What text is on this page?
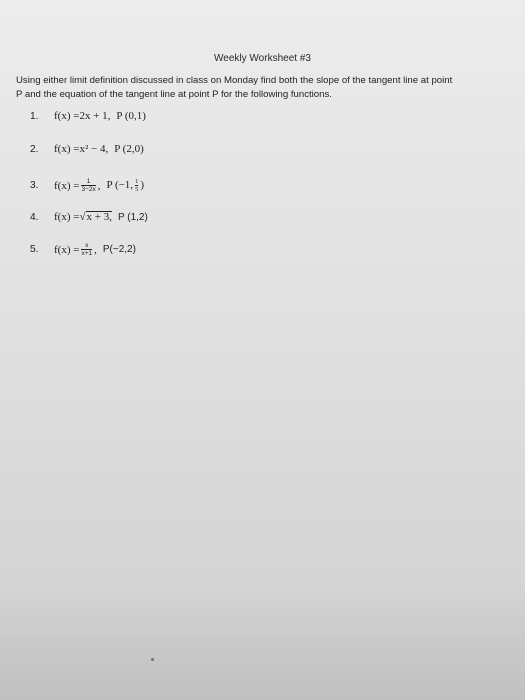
Weekly Worksheet #3
Using either limit definition discussed in class on Monday find both the slope of the tangent line at point
P and the equation of the tangent line at point P for the following functions.
1.	f(x) = 2x + 1, P (0,1)
2.	f(x) = x² − 4, P (2,0)
3.	$f(x) = \frac{1}{3-2x}$ , P (−1, $\frac{1}{5}$ )
4.	f(x) = √ x + 3, P (1,2)
5.	$f(x) = \frac{x}{x+1}$ , P(−2,2)
